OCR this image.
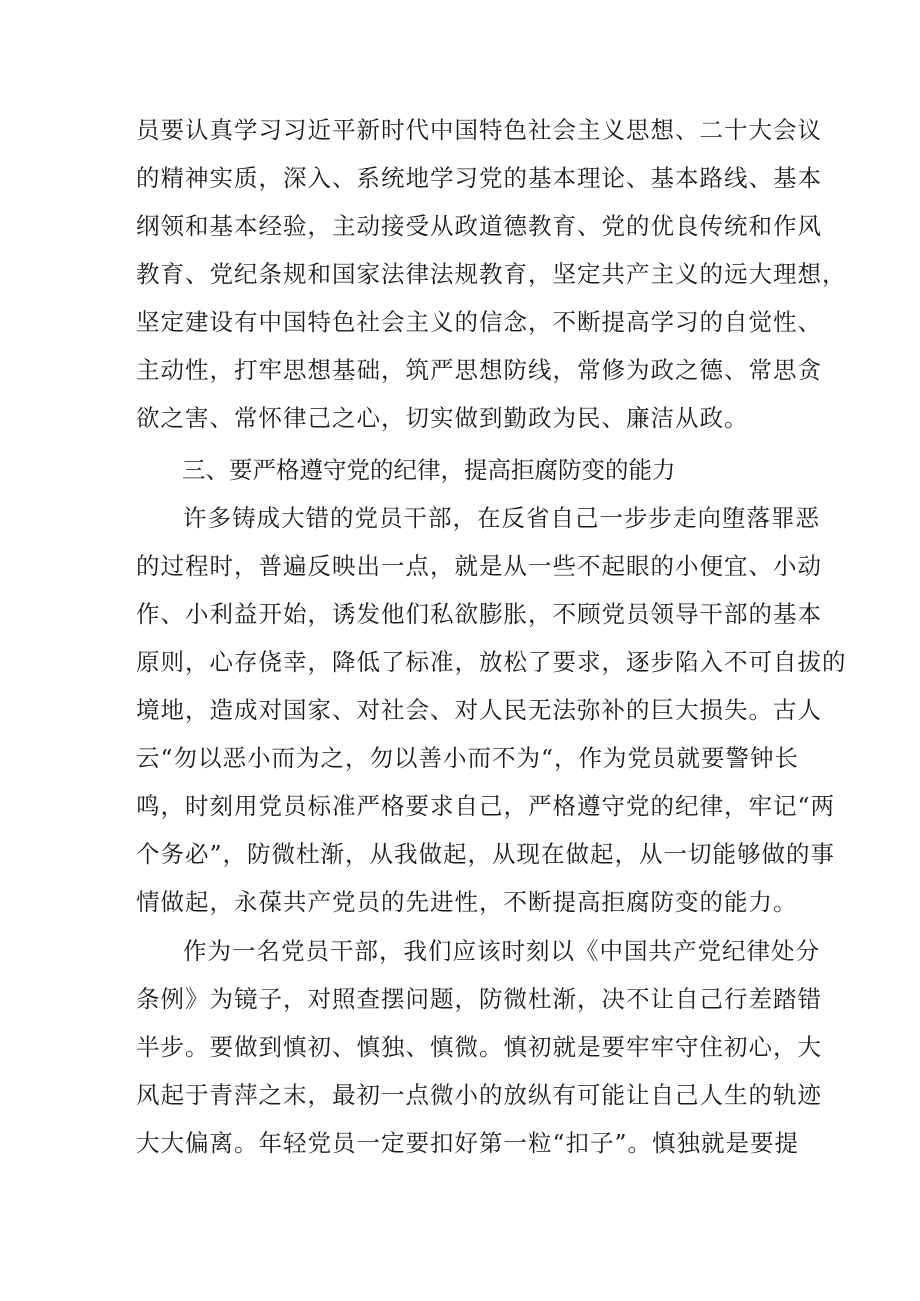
员要认真学习习近平新时代中国特色社会主义思想、二十大会议
的精神实质，深入、系统地学习党的基本理论、基本路线、基本
纲领和基本经验，主动接受从政道德教育、党的优良传统和作风
教育、党纪条规和国家法律法规教育，坚定共产主义的远大理想，
坚定建设有中国特色社会主义的信念，不断提高学习的自觉性、
主动性，打牢思想基础，筑严思想防线，常修为政之德、常思贪
欲之害、常怀律己之心，切实做到勤政为民、廉洁从政。
三、要严格遵守党的纪律，提高拒腐防变的能力
许多铸成大错的党员干部，在反省自己一步步走向堕落罪恶
的过程时，普遍反映出一点，就是从一些不起眼的小便宜、小动
作、小利益开始，诱发他们私欲膨胀，不顾党员领导干部的基本
原则，心存侥幸，降低了标准，放松了要求，逐步陷入不可自拔的
境地，造成对国家、对社会、对人民无法弥补的巨大损失。古人
云“勿以恶小而为之，勿以善小而不为“，作为党员就要警钟长
鸣，时刻用党员标准严格要求自己，严格遵守党的纪律，牢记“两
个务必”，防微杜渐，从我做起，从现在做起，从一切能够做的事
情做起，永葆共产党员的先进性，不断提高拒腐防变的能力。
作为一名党员干部，我们应该时刻以《中国共产党纪律处分
条例》为镜子，对照查摆问题，防微杜渐，决不让自己行差踏错
半步。要做到慎初、慎独、慎微。慎初就是要牢牢守住初心，大
风起于青萍之末，最初一点微小的放纵有可能让自己人生的轨迹
大大偏离。年轻党员一定要扣好第一粒“扣子”。慎独就是要提
